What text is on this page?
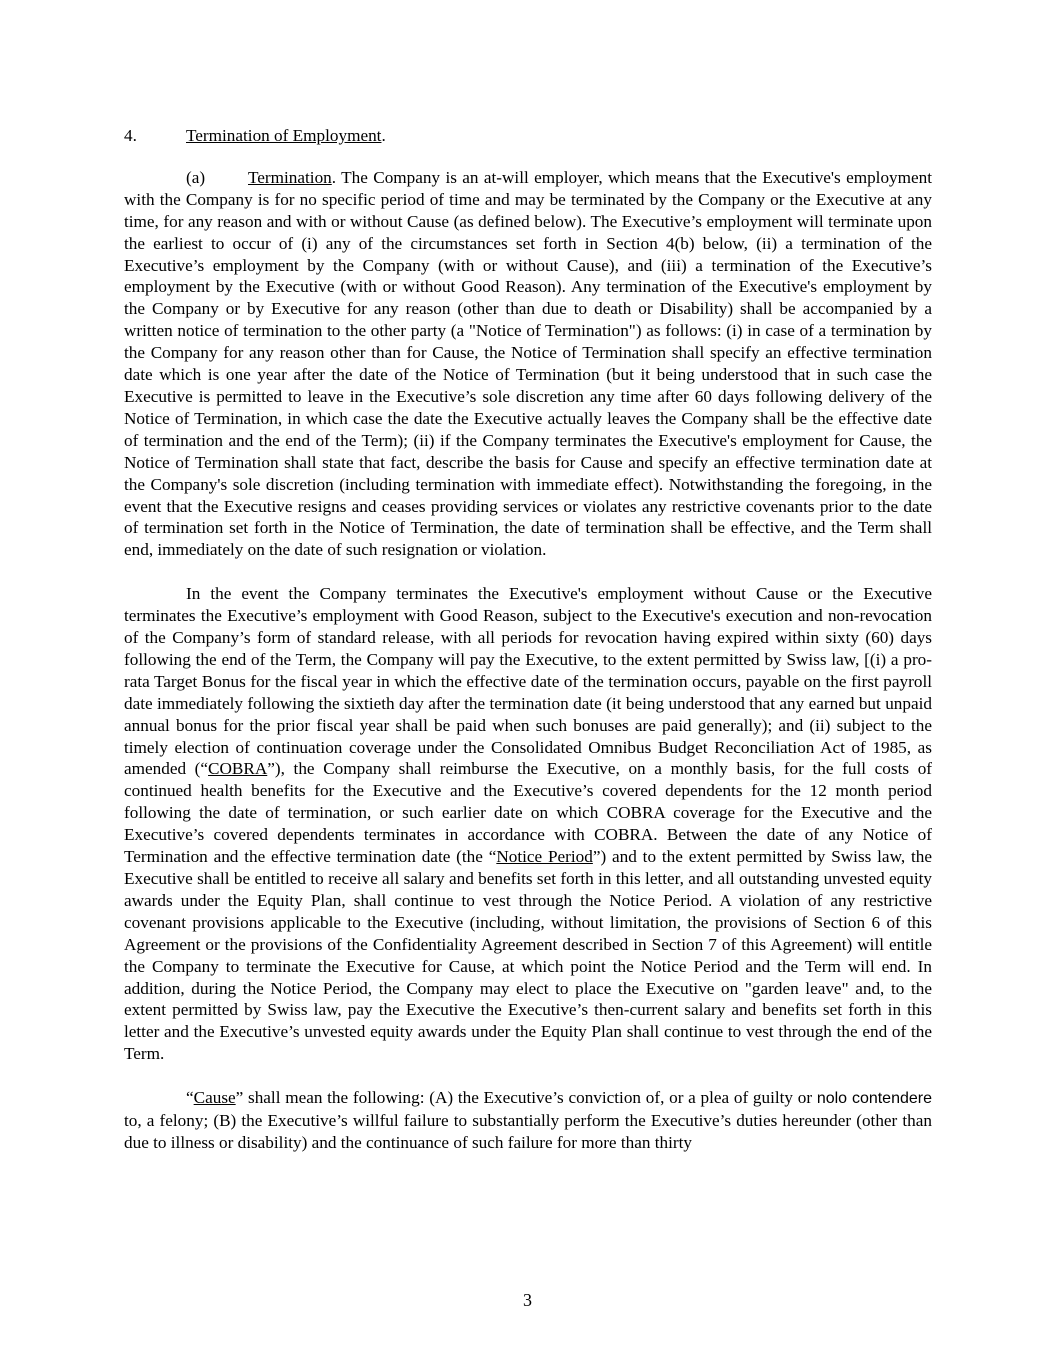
4.	Termination of Employment.

(a) Termination. The Company is an at-will employer, which means that the Executive's employment with the Company is for no specific period of time and may be terminated by the Company or the Executive at any time, for any reason and with or without Cause (as defined below). The Executive’s employment will terminate upon the earliest to occur of (i) any of the circumstances set forth in Section 4(b) below, (ii) a termination of the Executive’s employment by the Company (with or without Cause), and (iii) a termination of the Executive’s employment by the Executive (with or without Good Reason). Any termination of the Executive's employment by the Company or by Executive for any reason (other than due to death or Disability) shall be accompanied by a written notice of termination to the other party (a "Notice of Termination") as follows: (i) in case of a termination by the Company for any reason other than for Cause, the Notice of Termination shall specify an effective termination date which is one year after the date of the Notice of Termination (but it being understood that in such case the Executive is permitted to leave in the Executive’s sole discretion any time after 60 days following delivery of the Notice of Termination, in which case the date the Executive actually leaves the Company shall be the effective date of termination and the end of the Term); (ii) if the Company terminates the Executive's employment for Cause, the Notice of Termination shall state that fact, describe the basis for Cause and specify an effective termination date at the Company's sole discretion (including termination with immediate effect). Notwithstanding the foregoing, in the event that the Executive resigns and ceases providing services or violates any restrictive covenants prior to the date of termination set forth in the Notice of Termination, the date of termination shall be effective, and the Term shall end, immediately on the date of such resignation or violation.

In the event the Company terminates the Executive's employment without Cause or the Executive terminates the Executive’s employment with Good Reason, subject to the Executive's execution and non-revocation of the Company’s form of standard release, with all periods for revocation having expired within sixty (60) days following the end of the Term, the Company will pay the Executive, to the extent permitted by Swiss law, [(i) a pro-rata Target Bonus for the fiscal year in which the effective date of the termination occurs, payable on the first payroll date immediately following the sixtieth day after the termination date (it being understood that any earned but unpaid annual bonus for the prior fiscal year shall be paid when such bonuses are paid generally); and (ii) subject to the timely election of continuation coverage under the Consolidated Omnibus Budget Reconciliation Act of 1985, as amended (“COBRA”), the Company shall reimburse the Executive, on a monthly basis, for the full costs of continued health benefits for the Executive and the Executive’s covered dependents for the 12 month period following the date of termination, or such earlier date on which COBRA coverage for the Executive and the Executive’s covered dependents terminates in accordance with COBRA. Between the date of any Notice of Termination and the effective termination date (the “Notice Period”) and to the extent permitted by Swiss law, the Executive shall be entitled to receive all salary and benefits set forth in this letter, and all outstanding unvested equity awards under the Equity Plan, shall continue to vest through the Notice Period. A violation of any restrictive covenant provisions applicable to the Executive (including, without limitation, the provisions of Section 6 of this Agreement or the provisions of the Confidentiality Agreement described in Section 7 of this Agreement) will entitle the Company to terminate the Executive for Cause, at which point the Notice Period and the Term will end. In addition, during the Notice Period, the Company may elect to place the Executive on "garden leave" and, to the extent permitted by Swiss law, pay the Executive the Executive’s then-current salary and benefits set forth in this letter and the Executive’s unvested equity awards under the Equity Plan shall continue to vest through the end of the Term.

“Cause” shall mean the following: (A) the Executive’s conviction of, or a plea of guilty or nolo contendere to, a felony; (B) the Executive’s willful failure to substantially perform the Executive’s duties hereunder (other than due to illness or disability) and the continuance of such failure for more than thirty

3
